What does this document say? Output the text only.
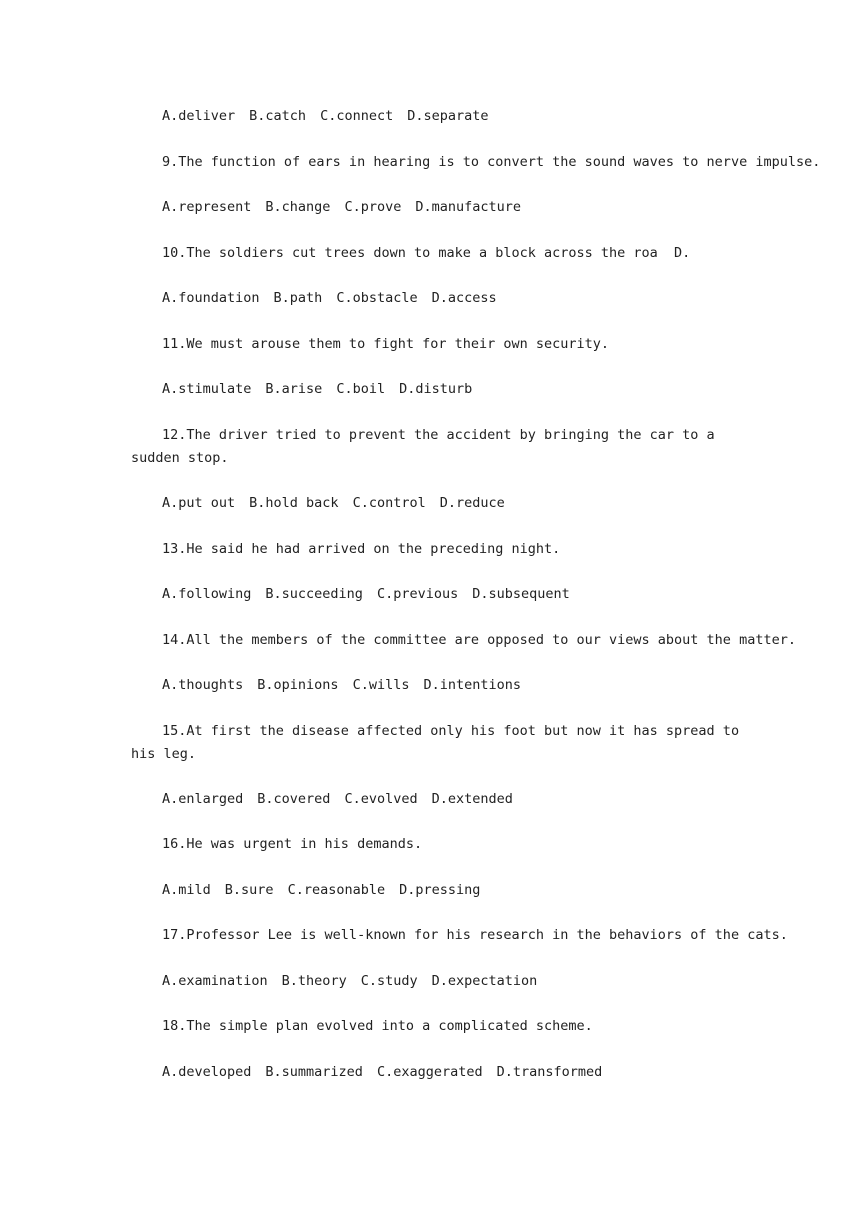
A.deliver B.catch C.connect D.separate
9.The function of ears in hearing is to convert the sound waves to nerve impulse.
A.represent B.change C.prove D.manufacture
10.The soldiers cut trees down to make a block across the roa  D.
A.foundation B.path C.obstacle D.access
11.We must arouse them to fight for their own security.
A.stimulate B.arise C.boil D.disturb
12.The driver tried to prevent the accident by bringing the car to a sudden stop.
A.put out B.hold back C.control D.reduce
13.He said he had arrived on the preceding night.
A.following B.succeeding C.previous D.subsequent
14.All the members of the committee are opposed to our views about the matter.
A.thoughts B.opinions C.wills D.intentions
15.At first the disease affected only his foot but now it has spread to his leg.
A.enlarged B.covered C.evolved D.extended
16.He was urgent in his demands.
A.mild B.sure C.reasonable D.pressing
17.Professor Lee is well-known for his research in the behaviors of the cats.
A.examination B.theory C.study D.expectation
18.The simple plan evolved into a complicated scheme.
A.developed B.summarized C.exaggerated D.transformed
